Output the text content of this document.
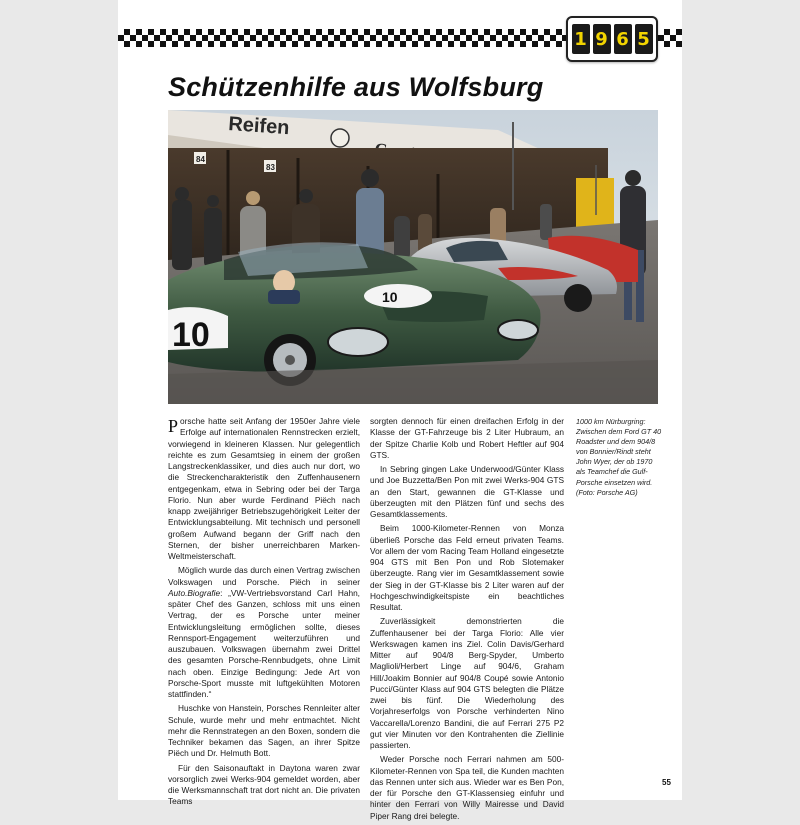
1 9 6 5
Schützenhilfe aus Wolfsburg
Reifen
84
83
10
10

Porsche hatte seit Anfang der 1950er Jahre viele Erfolge auf internationalen Rennstrecken erzielt, vorwiegend in kleineren Klassen. Nur gelegentlich reichte es zum Gesamtsieg in einem der großen Langstreckenklassiker, und dies auch nur dort, wo die Streckencharakteristik den Zuffenhausenern entgegenkam, etwa in Sebring oder bei der Targa Florio. Nun aber wurde Ferdinand Piëch nach knapp zweijähriger Betriebszugehörigkeit Leiter der Entwicklungsabteilung. Mit technisch und personell großem Aufwand begann der Griff nach den Sternen, der bisher unerreichbaren Marken-Weltmeisterschaft.

Möglich wurde das durch einen Vertrag zwischen Volkswagen und Porsche. Piëch in seiner Auto.Biografie: „VW-Vertriebsvorstand Carl Hahn, später Chef des Ganzen, schloss mit uns einen Vertrag, der es Porsche unter meiner Entwicklungsleitung ermöglichen sollte, dieses Rennsport-Engagement weiterzuführen und auszubauen. Volkswagen übernahm zwei Drittel des gesamten Porsche-Rennbudgets, ohne Limit nach oben. Einzige Bedingung: Jede Art von Porsche-Sport musste mit luftgekühlten Motoren stattfinden.“

Huschke von Hanstein, Porsches Rennleiter alter Schule, wurde mehr und mehr entmachtet. Nicht mehr die Rennstrategen an den Boxen, sondern die Techniker bekamen das Sagen, an ihrer Spitze Piëch und Dr. Helmuth Bott.

Für den Saisonauftakt in Daytona waren zwar vorsorglich zwei Werks-904 gemeldet worden, aber die Werksmannschaft trat dort nicht an. Die privaten Teams

sorgten dennoch für einen dreifachen Erfolg in der Klasse der GT-Fahrzeuge bis 2 Liter Hubraum, an der Spitze Charlie Kolb und Robert Heftler auf 904 GTS.

In Sebring gingen Lake Underwood/Günter Klass und Joe Buzzetta/Ben Pon mit zwei Werks-904 GTS an den Start, gewannen die GT-Klasse und überzeugten mit den Plätzen fünf und sechs des Gesamtklassements.

Beim 1000-Kilometer-Rennen von Monza überließ Porsche das Feld erneut privaten Teams. Vor allem der vom Racing Team Holland eingesetzte 904 GTS mit Ben Pon und Rob Slotemaker überzeugte. Rang vier im Gesamtklassement sowie der Sieg in der GT-Klasse bis 2 Liter waren auf der Hochgeschwindigkeitspiste ein beachtliches Resultat.

Zuverlässigkeit demonstrierten die Zuffenhausener bei der Targa Florio: Alle vier Werkswagen kamen ins Ziel. Colin Davis/Gerhard Mitter auf 904/8 Berg-Spyder, Umberto Maglioli/Herbert Linge auf 904/6, Graham Hill/Joakim Bonnier auf 904/8 Coupé sowie Antonio Pucci/Günter Klass auf 904 GTS belegten die Plätze zwei bis fünf. Die Wiederholung des Vorjahreserfolgs von Porsche verhinderten Nino Vaccarella/Lorenzo Bandini, die auf Ferrari 275 P2 gut vier Minuten vor den Kontrahenten die Ziellinie passierten.

Weder Porsche noch Ferrari nahmen am 500-Kilometer-Rennen von Spa teil, die Kunden machten das Rennen unter sich aus. Wieder war es Ben Pon, der für Porsche den GT-Klassensieg einfuhr und hinter den Ferrari von Willy Mairesse und David Piper Rang drei belegte.

1000 km Nürburgring: Zwischen dem Ford GT 40 Roadster und dem 904/8 von Bonnier/Rindt steht John Wyer, der ob 1970 als Teamchef die Gulf-Porsche einsetzen wird. (Foto: Porsche AG)

55
